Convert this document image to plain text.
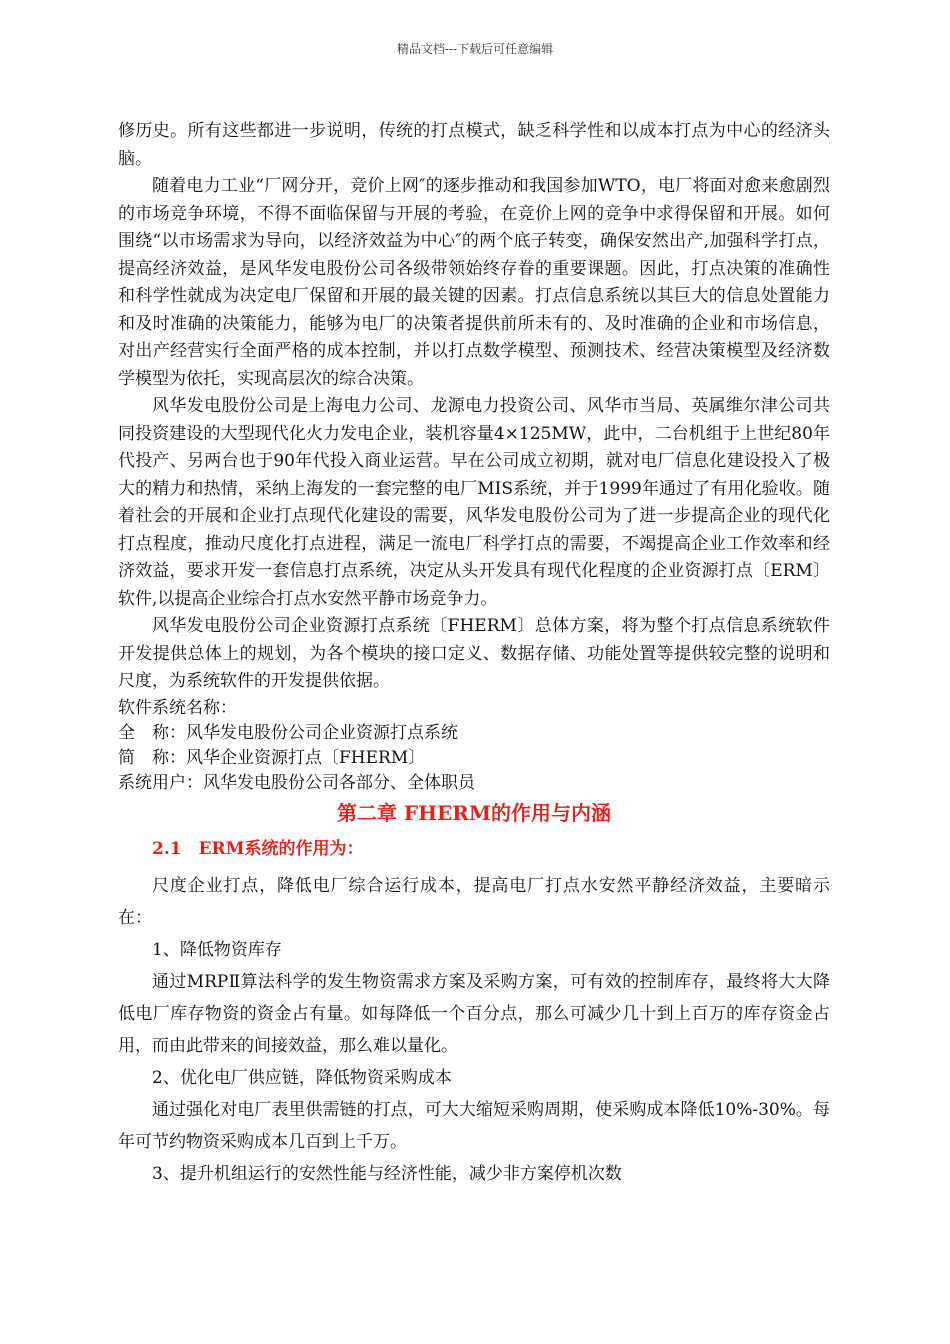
精品文档---下载后可任意编辑

修历史。所有这些都进一步说明，传统的打点模式，缺乏科学性和以成本打点为中心的经济头脑。

随着电力工业“厂网分开，竞价上网″的逐步推动和我国参加WTO，电厂将面对愈来愈剧烈的市场竞争环境，不得不面临保留与开展的考验，在竞价上网的竞争中求得保留和开展。如何围绕“以市场需求为导向，以经济效益为中心″的两个底子转变，确保安然出产,加强科学打点，提高经济效益，是风华发电股份公司各级带领始终存眷的重要课题。因此，打点决策的准确性和科学性就成为决定电厂保留和开展的最关键的因素。打点信息系统以其巨大的信息处置能力和及时准确的决策能力，能够为电厂的决策者提供前所未有的、及时准确的企业和市场信息，对出产经营实行全面严格的成本控制，并以打点数学模型、预测技术、经营决策模型及经济数学模型为依托，实现高层次的综合决策。

风华发电股份公司是上海电力公司、龙源电力投资公司、风华市当局、英属维尔津公司共同投资建设的大型现代化火力发电企业，装机容量4×125MW，此中，二台机组于上世纪80年代投产、另两台也于90年代投入商业运营。早在公司成立初期，就对电厂信息化建设投入了极大的精力和热情，采纳上海发的一套完整的电厂MIS系统，并于1999年通过了有用化验收。随着社会的开展和企业打点现代化建设的需要，风华发电股份公司为了进一步提高企业的现代化打点程度，推动尺度化打点进程，满足一流电厂科学打点的需要，不竭提高企业工作效率和经济效益，要求开发一套信息打点系统，决定从头开发具有现代化程度的企业资源打点〔ERM〕软件,以提高企业综合打点水安然平静市场竞争力。

风华发电股份公司企业资源打点系统〔FHERM〕总体方案，将为整个打点信息系统软件开发提供总体上的规划，为各个模块的接口定义、数据存储、功能处置等提供较完整的说明和尺度，为系统软件的开发提供依据。

软件系统名称：

全　称：风华发电股份公司企业资源打点系统

简　称：风华企业资源打点〔FHERM〕

系统用户：风华发电股份公司各部分、全体职员

第二章 FHERM的作用与内涵
2.1　ERM系统的作用为：

尺度企业打点，降低电厂综合运行成本，提高电厂打点水安然平静经济效益，主要暗示在：

1、降低物资库存

通过MRPⅡ算法科学的发生物资需求方案及采购方案，可有效的控制库存，最终将大大降低电厂库存物资的资金占有量。如每降低一个百分点，那么可减少几十到上百万的库存资金占用，而由此带来的间接效益，那么难以量化。

2、优化电厂供应链，降低物资采购成本

通过强化对电厂表里供需链的打点，可大大缩短采购周期，使采购成本降低10%-30%。每年可节约物资采购成本几百到上千万。

3、提升机组运行的安然性能与经济性能，减少非方案停机次数
